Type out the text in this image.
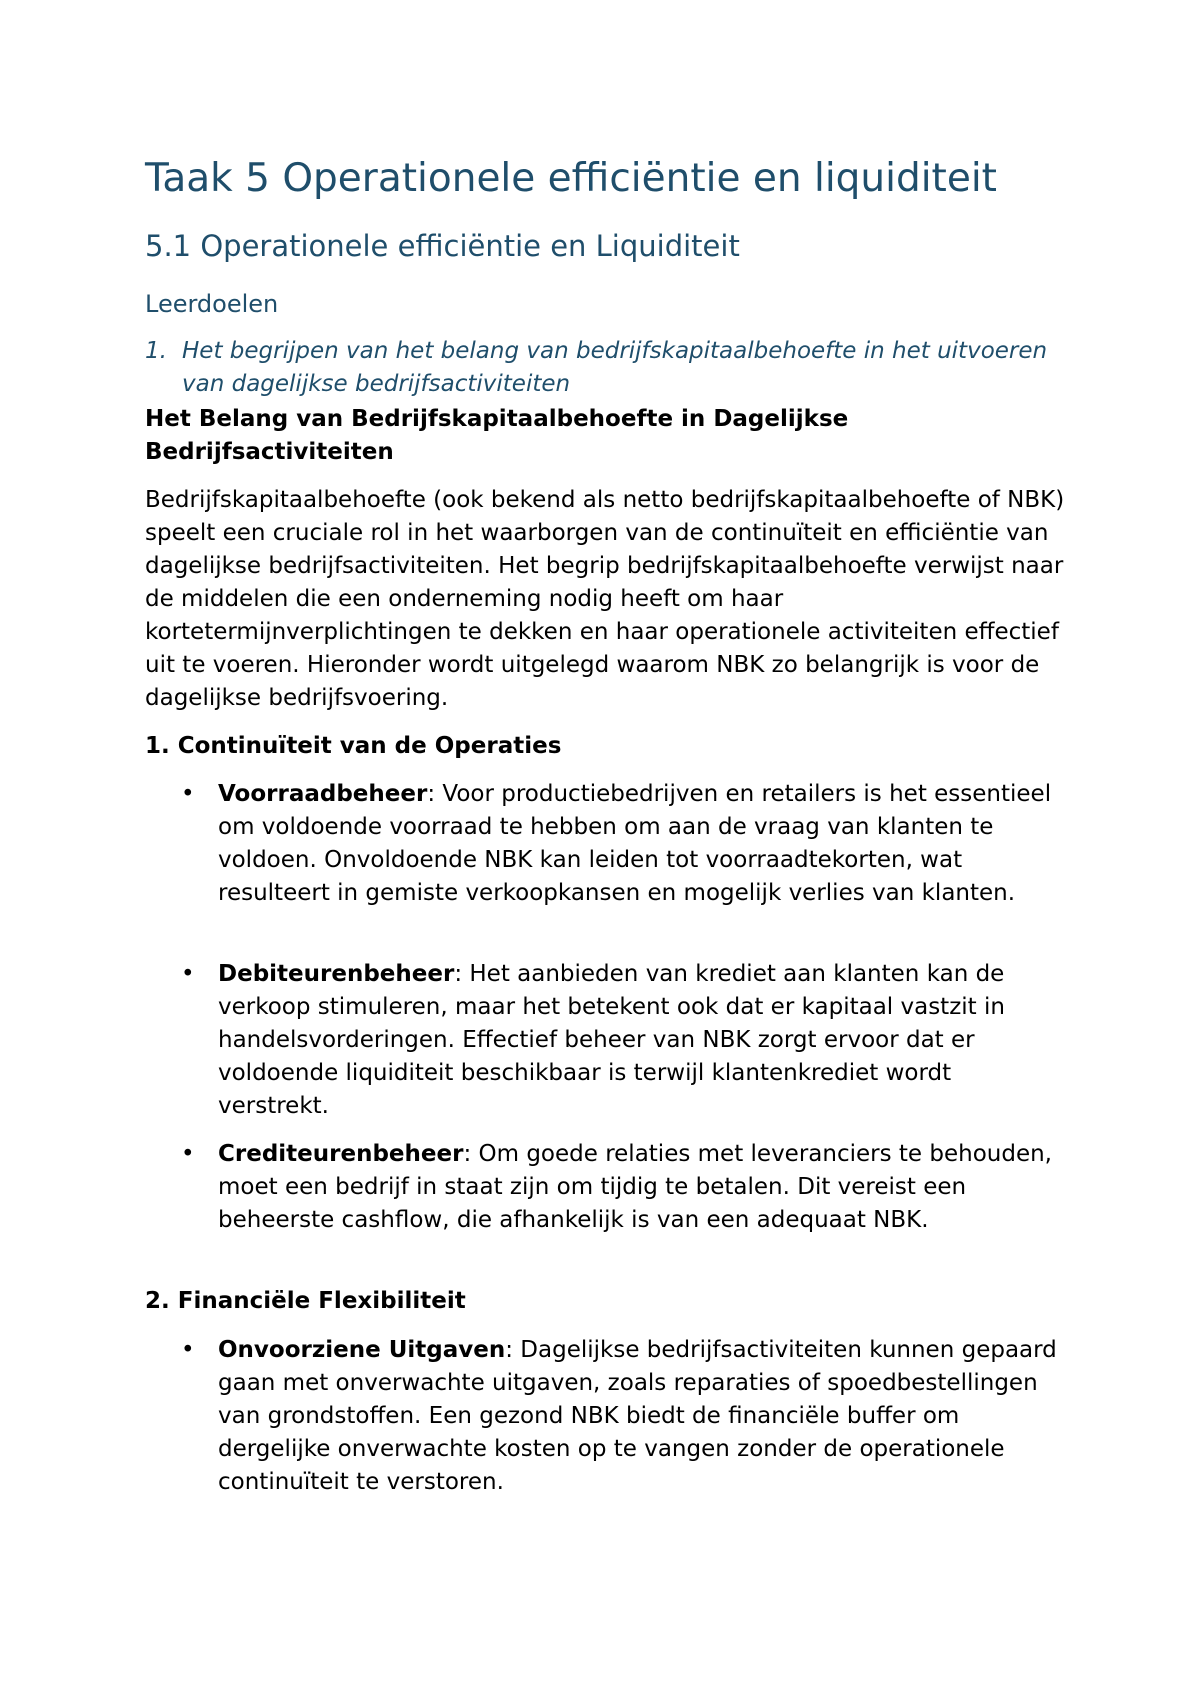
Taak 5 Operationele efficiëntie en liquiditeit
5.1 Operationele efficiëntie en Liquiditeit
Leerdoelen
1. Het begrijpen van het belang van bedrijfskapitaalbehoefte in het uitvoeren van dagelijkse bedrijfsactiviteiten
Het Belang van Bedrijfskapitaalbehoefte in Dagelijkse Bedrijfsactiviteiten
Bedrijfskapitaalbehoefte (ook bekend als netto bedrijfskapitaalbehoefte of NBK) speelt een cruciale rol in het waarborgen van de continuïteit en efficiëntie van dagelijkse bedrijfsactiviteiten. Het begrip bedrijfskapitaalbehoefte verwijst naar de middelen die een onderneming nodig heeft om haar kortetermijnverplichtingen te dekken en haar operationele activiteiten effectief uit te voeren. Hieronder wordt uitgelegd waarom NBK zo belangrijk is voor de dagelijkse bedrijfsvoering.
1. Continuïteit van de Operaties
• Voorraadbeheer: Voor productiebedrijven en retailers is het essentieel om voldoende voorraad te hebben om aan de vraag van klanten te voldoen. Onvoldoende NBK kan leiden tot voorraadtekorten, wat resulteert in gemiste verkoopkansen en mogelijk verlies van klanten.
• Debiteurenbeheer: Het aanbieden van krediet aan klanten kan de verkoop stimuleren, maar het betekent ook dat er kapitaal vastzit in handelsvorderingen. Effectief beheer van NBK zorgt ervoor dat er voldoende liquiditeit beschikbaar is terwijl klantenkrediet wordt verstrekt.
• Crediteurenbeheer: Om goede relaties met leveranciers te behouden, moet een bedrijf in staat zijn om tijdig te betalen. Dit vereist een beheerste cashflow, die afhankelijk is van een adequaat NBK.
2. Financiële Flexibiliteit
• Onvoorziene Uitgaven: Dagelijkse bedrijfsactiviteiten kunnen gepaard gaan met onverwachte uitgaven, zoals reparaties of spoedbestellingen van grondstoffen. Een gezond NBK biedt de financiële buffer om dergelijke onverwachte kosten op te vangen zonder de operationele continuïteit te verstoren.
